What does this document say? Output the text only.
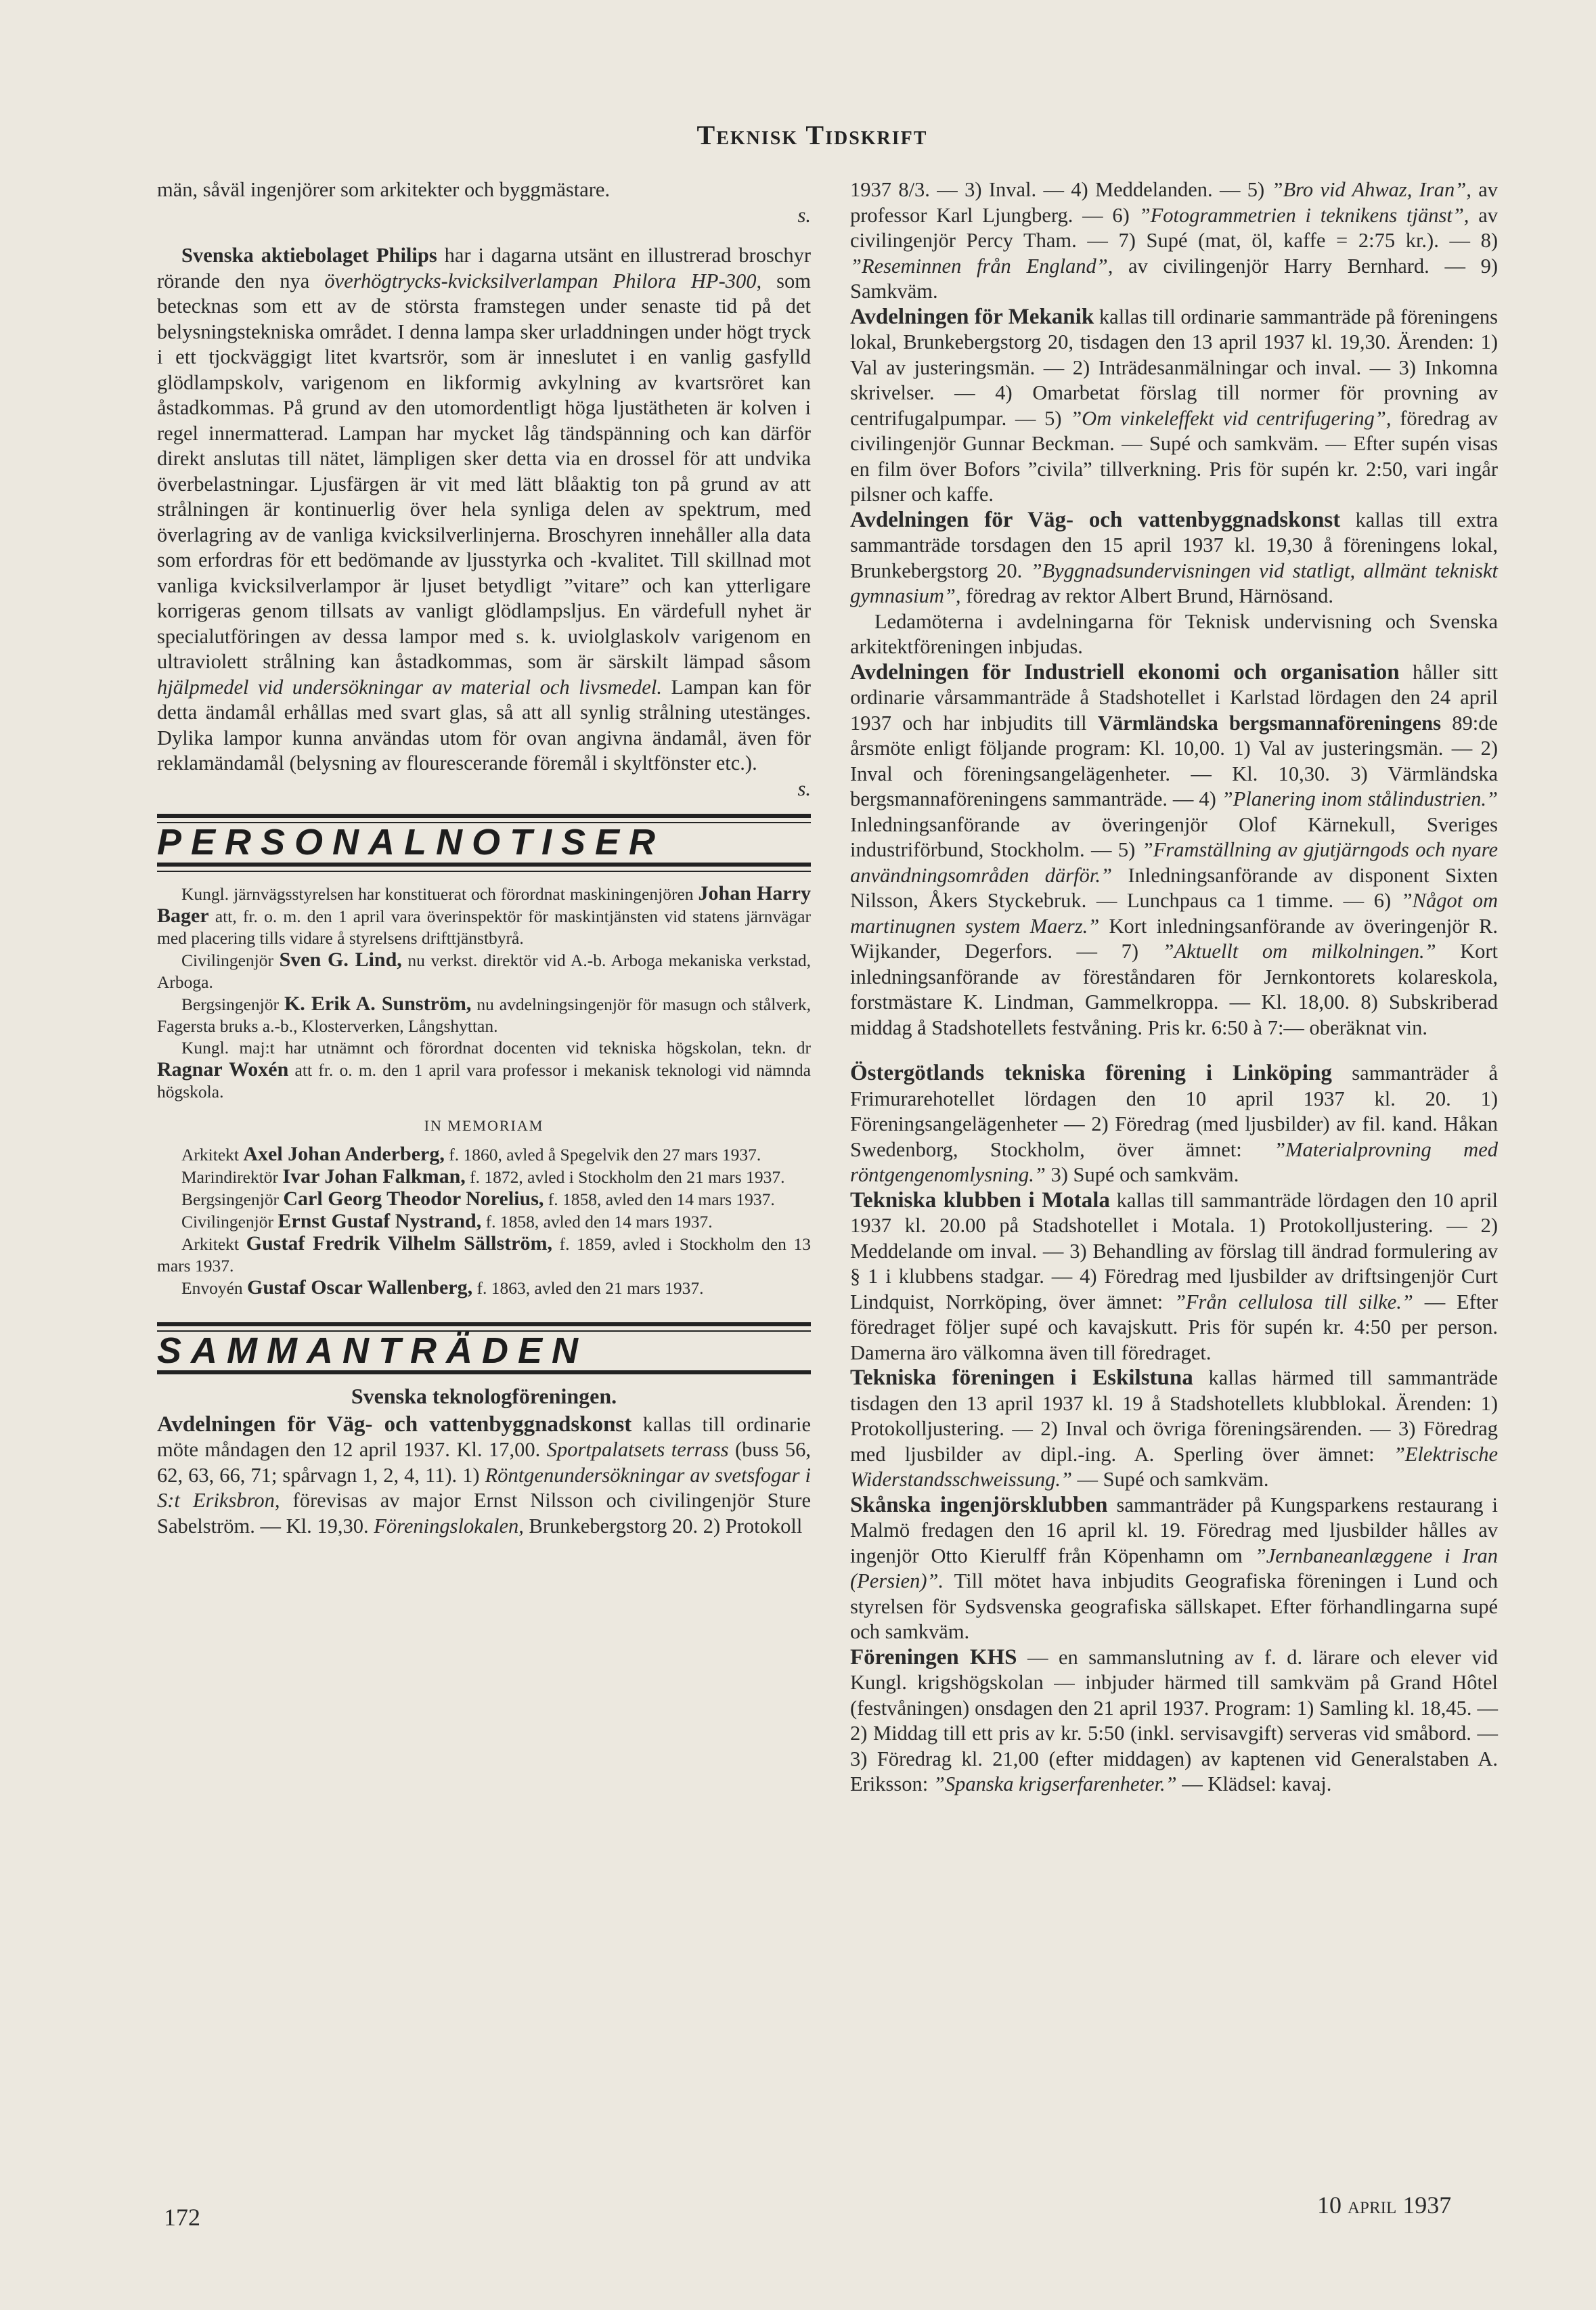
Teknisk Tidskrift

män, såväl ingenjörer som arkitekter och byggmästare.

s.

Svenska aktiebolaget Philips har i dagarna utsänt en illustrerad broschyr rörande den nya överhögtrycks-kvicksilverlampan Philora HP-300, som betecknas som ett av de största framstegen under senaste tid på det belysningstekniska området. I denna lampa sker urladdningen under högt tryck i ett tjockväggigt litet kvartsrör, som är inneslutet i en vanlig gasfylld glödlampskolv, varigenom en likformig avkylning av kvartsröret kan åstadkommas. På grund av den utomordentligt höga ljustätheten är kolven i regel innermatterad. Lampan har mycket låg tändspänning och kan därför direkt anslutas till nätet, lämpligen sker detta via en drossel för att undvika överbelastningar. Ljusfärgen är vit med lätt blåaktig ton på grund av att strålningen är kontinuerlig över hela synliga delen av spektrum, med överlagring av de vanliga kvicksilverlinjerna. Broschyren innehåller alla data som erfordras för ett bedömande av ljusstyrka och -kvalitet. Till skillnad mot vanliga kvicksilverlampor är ljuset betydligt ”vitare” och kan ytterligare korrigeras genom tillsats av vanligt glödlampsljus. En värdefull nyhet är specialutföringen av dessa lampor med s. k. uviolglaskolv varigenom en ultraviolett strålning kan åstadkommas, som är särskilt lämpad såsom hjälpmedel vid undersökningar av material och livsmedel. Lampan kan för detta ändamål erhållas med svart glas, så att all synlig strålning utestänges. Dylika lampor kunna användas utom för ovan angivna ändamål, även för reklamändamål (belysning av flourescerande föremål i skyltfönster etc.).

s.

PERSONALNOTISER

Kungl. järnvägsstyrelsen har konstituerat och förordnat maskiningenjören Johan Harry Bager att, fr. o. m. den 1 april vara överinspektör för maskintjänsten vid statens järnvägar med placering tills vidare å styrelsens drifttjänstbyrå.

Civilingenjör Sven G. Lind, nu verkst. direktör vid A.-b. Arboga mekaniska verkstad, Arboga.

Bergsingenjör K. Erik A. Sunström, nu avdelningsingenjör för masugn och stålverk, Fagersta bruks a.-b., Klosterverken, Långshyttan.

Kungl. maj:t har utnämnt och förordnat docenten vid tekniska högskolan, tekn. dr Ragnar Woxén att fr. o. m. den 1 april vara professor i mekanisk teknologi vid nämnda högskola.

IN MEMORIAM

Arkitekt Axel Johan Anderberg, f. 1860, avled å Spegelvik den 27 mars 1937.

Marindirektör Ivar Johan Falkman, f. 1872, avled i Stockholm den 21 mars 1937.

Bergsingenjör Carl Georg Theodor Norelius, f. 1858, avled den 14 mars 1937.

Civilingenjör Ernst Gustaf Nystrand, f. 1858, avled den 14 mars 1937.

Arkitekt Gustaf Fredrik Vilhelm Sällström, f. 1859, avled i Stockholm den 13 mars 1937.

Envoyén Gustaf Oscar Wallenberg, f. 1863, avled den 21 mars 1937.

SAMMANTRÄDEN
Svenska teknologföreningen.

Avdelningen för Väg- och vattenbyggnadskonst kallas till ordinarie möte måndagen den 12 april 1937. Kl. 17,00. Sportpalatsets terrass (buss 56, 62, 63, 66, 71; spårvagn 1, 2, 4, 11). 1) Röntgenundersökningar av svetsfogar i S:t Eriksbron, förevisas av major Ernst Nilsson och civilingenjör Sture Sabelström. — Kl. 19,30. Föreningslokalen, Brunkebergstorg 20. 2) Protokoll

1937 8/3. — 3) Inval. — 4) Meddelanden. — 5) ”Bro vid Ahwaz, Iran”, av professor Karl Ljungberg. — 6) ”Fotogrammetrien i teknikens tjänst”, av civilingenjör Percy Tham. — 7) Supé (mat, öl, kaffe = 2:75 kr.). — 8) ”Reseminnen från England”, av civilingenjör Harry Bernhard. — 9) Samkväm.

Avdelningen för Mekanik kallas till ordinarie sammanträde på föreningens lokal, Brunkebergstorg 20, tisdagen den 13 april 1937 kl. 19,30. Ärenden: 1) Val av justeringsmän. — 2) Inträdesanmälningar och inval. — 3) Inkomna skrivelser. — 4) Omarbetat förslag till normer för provning av centrifugalpumpar. — 5) ”Om vinkeleffekt vid centrifugering”, föredrag av civilingenjör Gunnar Beckman. — Supé och samkväm. — Efter supén visas en film över Bofors ”civila” tillverkning. Pris för supén kr. 2:50, vari ingår pilsner och kaffe.

Avdelningen för Väg- och vattenbyggnadskonst kallas till extra sammanträde torsdagen den 15 april 1937 kl. 19,30 å föreningens lokal, Brunkebergstorg 20. ”Byggnadsundervisningen vid statligt, allmänt tekniskt gymnasium”, föredrag av rektor Albert Brund, Härnösand.

Ledamöterna i avdelningarna för Teknisk undervisning och Svenska arkitektföreningen inbjudas.

Avdelningen för Industriell ekonomi och organisation håller sitt ordinarie vårsammanträde å Stadshotellet i Karlstad lördagen den 24 april 1937 och har inbjudits till Värmländska bergsmannaföreningens 89:de årsmöte enligt följande program: Kl. 10,00. 1) Val av justeringsmän. — 2) Inval och föreningsangelägenheter. — Kl. 10,30. 3) Värmländska bergsmannaföreningens sammanträde. — 4) ”Planering inom stålindustrien.” Inledningsanförande av överingenjör Olof Kärnekull, Sveriges industriförbund, Stockholm. — 5) ”Framställning av gjutjärngods och nyare användningsområden därför.” Inledningsanförande av disponent Sixten Nilsson, Åkers Styckebruk. — Lunchpaus ca 1 timme. — 6) ”Något om martinugnen system Maerz.” Kort inledningsanförande av överingenjör R. Wijkander, Degerfors. — 7) ”Aktuellt om milkolningen.” Kort inledningsanförande av föreståndaren för Jernkontorets kolareskola, forstmästare K. Lindman, Gammelkroppa. — Kl. 18,00. 8) Subskriberad middag å Stadshotellets festvåning. Pris kr. 6:50 à 7:— oberäknat vin.

Östergötlands tekniska förening i Linköping sammanträder å Frimurarehotellet lördagen den 10 april 1937 kl. 20. 1) Föreningsangelägenheter — 2) Föredrag (med ljusbilder) av fil. kand. Håkan Swedenborg, Stockholm, över ämnet: ”Materialprovning med röntgengenomlysning.” 3) Supé och samkväm.

Tekniska klubben i Motala kallas till sammanträde lördagen den 10 april 1937 kl. 20.00 på Stadshotellet i Motala. 1) Protokolljustering. — 2) Meddelande om inval. — 3) Behandling av förslag till ändrad formulering av § 1 i klubbens stadgar. — 4) Föredrag med ljusbilder av driftsingenjör Curt Lindquist, Norrköping, över ämnet: ”Från cellulosa till silke.” — Efter föredraget följer supé och kavajskutt. Pris för supén kr. 4:50 per person. Damerna äro välkomna även till föredraget.

Tekniska föreningen i Eskilstuna kallas härmed till sammanträde tisdagen den 13 april 1937 kl. 19 å Stadshotellets klubblokal. Ärenden: 1) Protokolljustering. — 2) Inval och övriga föreningsärenden. — 3) Föredrag med ljusbilder av dipl.-ing. A. Sperling över ämnet: ”Elektrische Widerstandsschweissung.” — Supé och samkväm.

Skånska ingenjörsklubben sammanträder på Kungsparkens restaurang i Malmö fredagen den 16 april kl. 19. Föredrag med ljusbilder hålles av ingenjör Otto Kierulff från Köpenhamn om ”Jernbaneanlæggene i Iran (Persien)”. Till mötet hava inbjudits Geografiska föreningen i Lund och styrelsen för Sydsvenska geografiska sällskapet. Efter förhandlingarna supé och samkväm.

Föreningen KHS — en sammanslutning av f. d. lärare och elever vid Kungl. krigshögskolan — inbjuder härmed till samkväm på Grand Hôtel (festvåningen) onsdagen den 21 april 1937. Program: 1) Samling kl. 18,45. — 2) Middag till ett pris av kr. 5:50 (inkl. servisavgift) serveras vid småbord. — 3) Föredrag kl. 21,00 (efter middagen) av kaptenen vid Generalstaben A. Eriksson: ”Spanska krigserfarenheter.” — Klädsel: kavaj.

172	10 april 1937
